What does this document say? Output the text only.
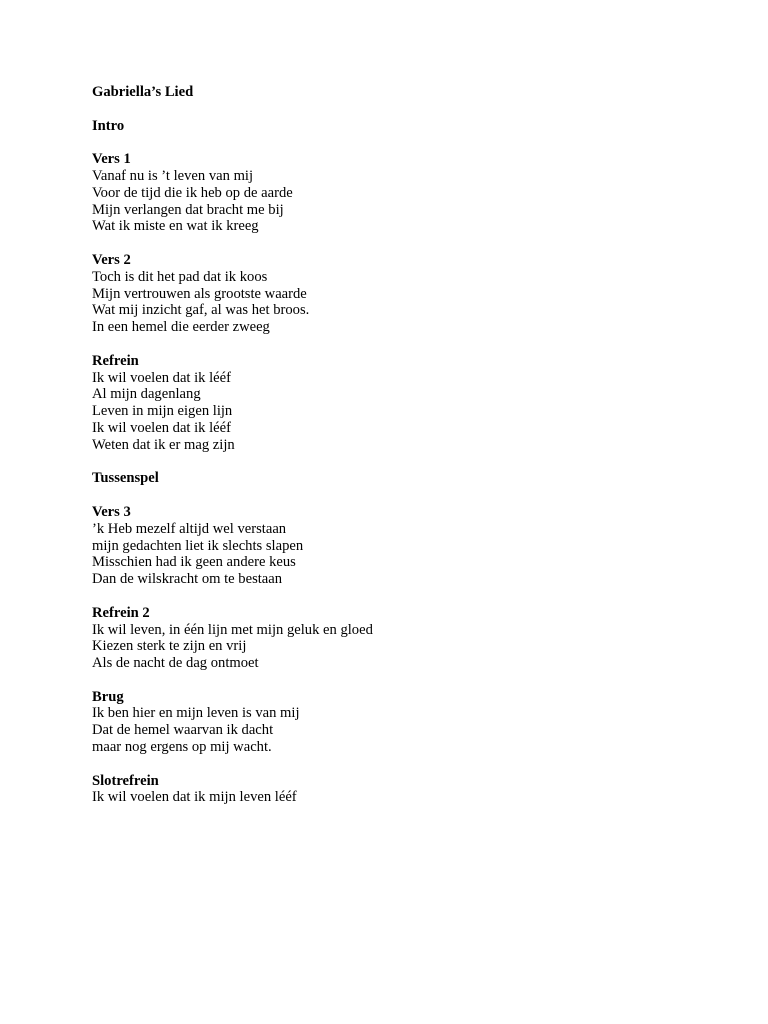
Gabriella’s Lied
Intro
Vers 1
Vanaf nu is ’t leven van mij
Voor de tijd die ik heb op de aarde
Mijn verlangen dat bracht me bij
Wat ik miste en wat ik kreeg
Vers 2
Toch is dit het pad dat ik koos
Mijn vertrouwen als grootste waarde
Wat mij inzicht gaf, al was het broos.
In een hemel die eerder zweeg
Refrein
Ik wil voelen dat ik lééf
Al mijn dagenlang
Leven in mijn eigen lijn
Ik wil voelen dat ik lééf
Weten dat ik er mag zijn
Tussenspel
Vers 3
’k Heb mezelf altijd wel verstaan
mijn gedachten liet ik slechts slapen
Misschien had ik geen andere keus
Dan de wilskracht om te bestaan
Refrein 2
Ik wil leven, in één lijn met mijn geluk en gloed
Kiezen sterk te zijn en vrij
Als de nacht de dag ontmoet
Brug
Ik ben hier en mijn leven is van mij
Dat de hemel waarvan ik dacht
maar nog ergens op mij wacht.
Slotrefrein
Ik wil voelen dat ik mijn leven lééf
